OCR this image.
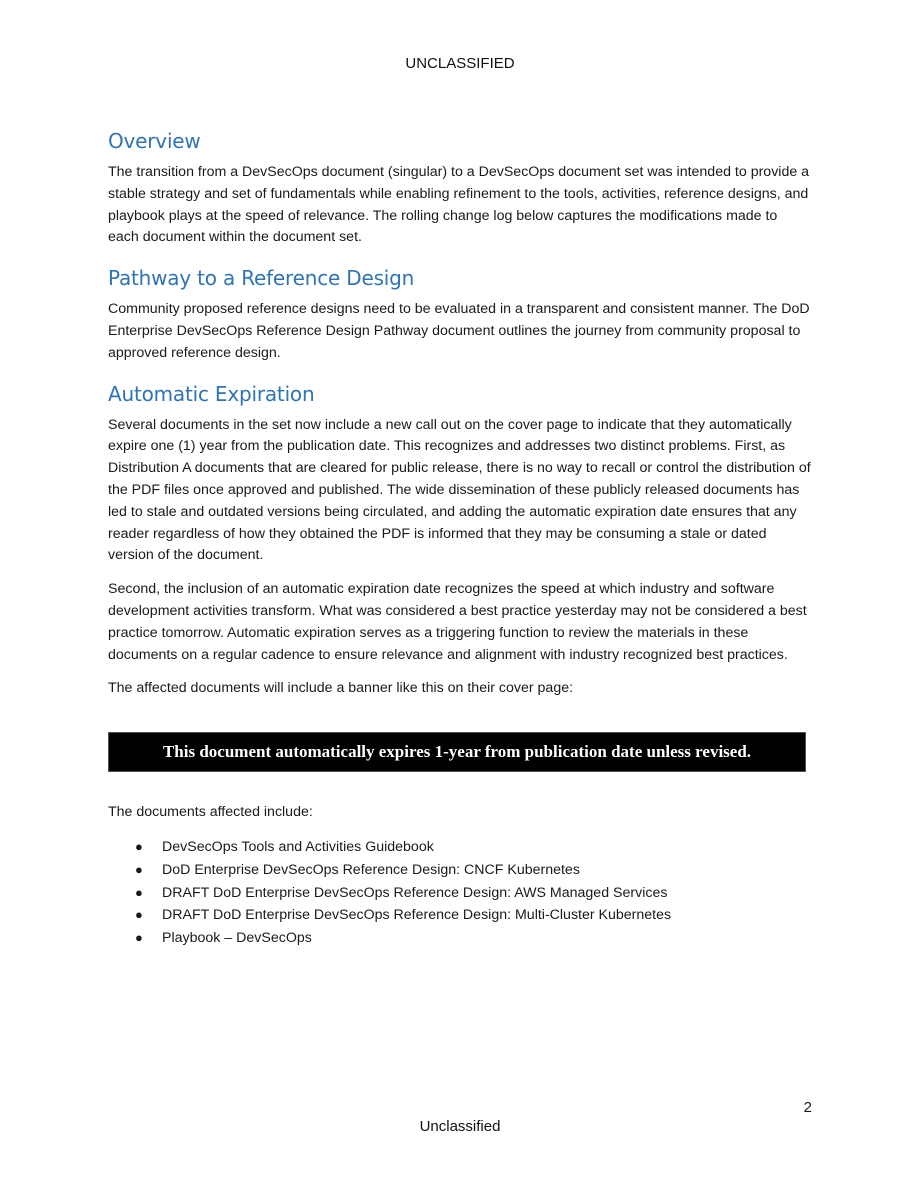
UNCLASSIFIED
Overview

The transition from a DevSecOps document (singular) to a DevSecOps document set was intended to provide a stable strategy and set of fundamentals while enabling refinement to the tools, activities, reference designs, and playbook plays at the speed of relevance. The rolling change log below captures the modifications made to each document within the document set.

Pathway to a Reference Design

Community proposed reference designs need to be evaluated in a transparent and consistent manner. The DoD Enterprise DevSecOps Reference Design Pathway document outlines the journey from community proposal to approved reference design.

Automatic Expiration

Several documents in the set now include a new call out on the cover page to indicate that they automatically expire one (1) year from the publication date. This recognizes and addresses two distinct problems. First, as Distribution A documents that are cleared for public release, there is no way to recall or control the distribution of the PDF files once approved and published. The wide dissemination of these publicly released documents has led to stale and outdated versions being circulated, and adding the automatic expiration date ensures that any reader regardless of how they obtained the PDF is informed that they may be consuming a stale or dated version of the document.

Second, the inclusion of an automatic expiration date recognizes the speed at which industry and software development activities transform. What was considered a best practice yesterday may not be considered a best practice tomorrow. Automatic expiration serves as a triggering function to review the materials in these documents on a regular cadence to ensure relevance and alignment with industry recognized best practices.

The affected documents will include a banner like this on their cover page:

This document automatically expires 1-year from publication date unless revised.

The documents affected include:

● DevSecOps Tools and Activities Guidebook
● DoD Enterprise DevSecOps Reference Design: CNCF Kubernetes
● DRAFT DoD Enterprise DevSecOps Reference Design: AWS Managed Services
● DRAFT DoD Enterprise DevSecOps Reference Design: Multi-Cluster Kubernetes
● Playbook – DevSecOps
2
Unclassified
